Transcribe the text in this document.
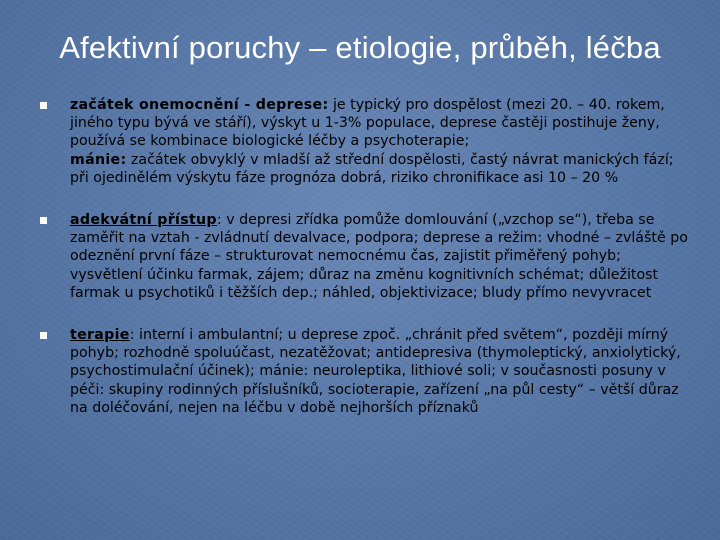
Afektivní poruchy – etiologie, průběh, léčba
začátek onemocnění - deprese: je typický pro dospělost (mezi 20. – 40. rokem, jiného typu bývá ve stáří), výskyt u 1-3% populace, deprese častěji postihuje ženy, používá se kombinace biologické léčby a psychoterapie;
mánie: začátek obvyklý v mladší až střední dospělosti, častý návrat manických fází; při ojedinělém výskytu fáze prognóza dobrá, riziko chronifikace asi 10 – 20 %
adekvátní přístup: v depresi zřídka pomůže domlouvání („vzchop se“), třeba se zaměřit na vztah - zvládnutí devalvace, podpora; deprese a režim: vhodné – zvláště po odeznění první fáze – strukturovat nemocnému čas, zajistit přiměřený pohyb; vysvětlení účinku farmak, zájem; důraz na změnu kognitivních schémat; důležitost farmak u psychotiků i těžších dep.; náhled, objektivizace; bludy přímo nevyvracet
terapie: interní i ambulantní; u deprese zpoč. „chránit před světem“, později mírný pohyb; rozhodně spoluúčast, nezatěžovat; antidepresiva (thymoleptický, anxiolytický, psychostimulační účinek); mánie: neuroleptika, lithiové soli; v současnosti posuny v péči: skupiny rodinných příslušníků, socioterapie, zařízení „na půl cesty“ – větší důraz na doléčování, nejen na léčbu v době nejhorších příznaků
